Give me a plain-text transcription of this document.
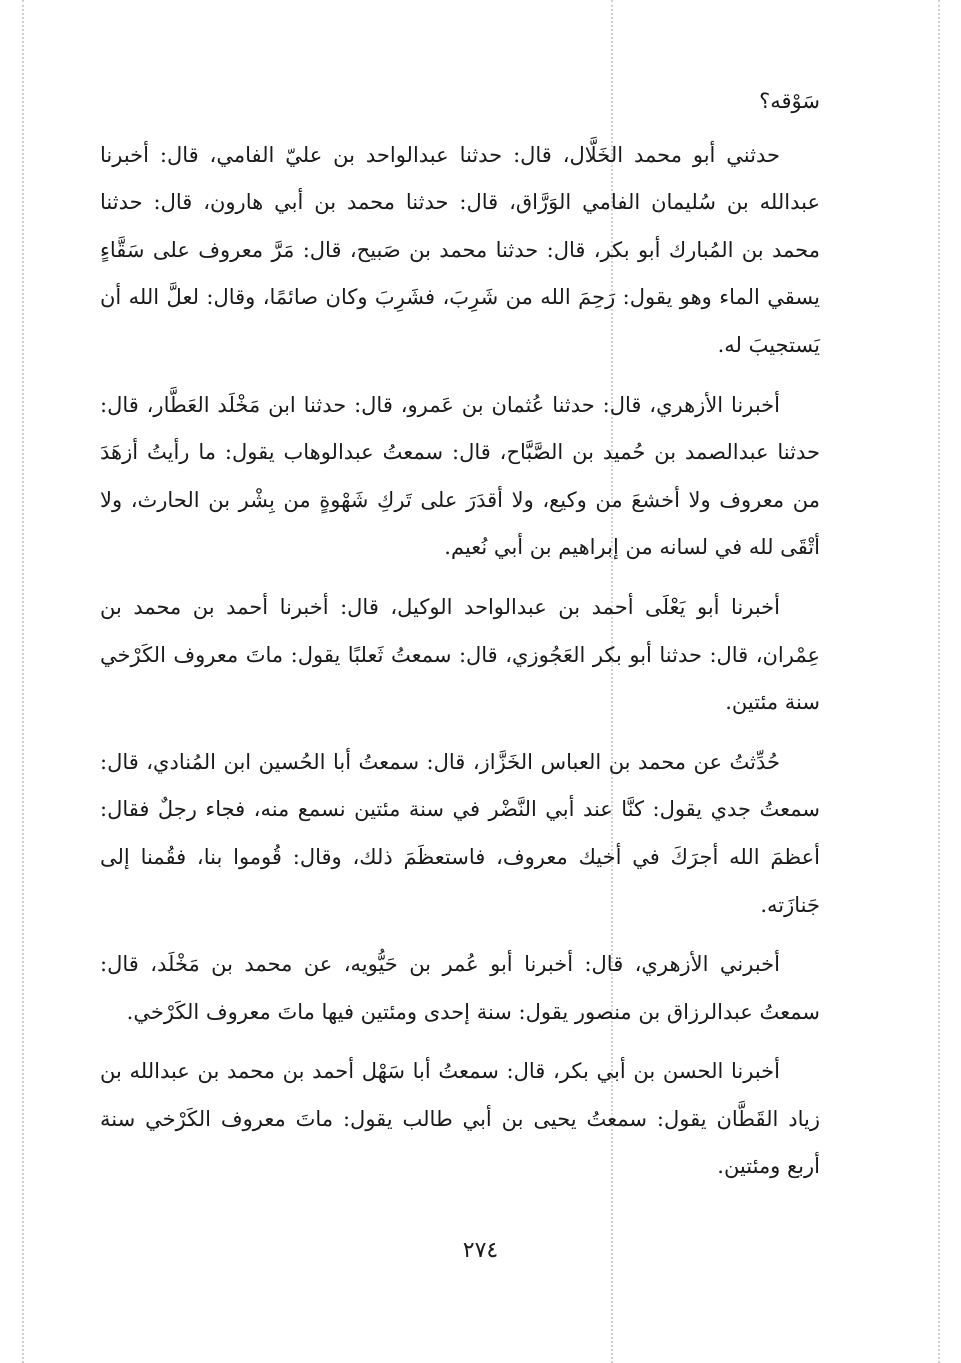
سَوْقه؟

حدثني أبو محمد الخَلَّال، قال: حدثنا عبدالواحد بن عليّ الفامي، قال: أخبرنا عبدالله بن سُليمان الفامي الوَرَّاق، قال: حدثنا محمد بن أبي هارون، قال: حدثنا محمد بن المُبارك أبو بكر، قال: حدثنا محمد بن صَبيح، قال: مَرَّ معروف على سَقَّاءٍ يسقي الماء وهو يقول: رَحِمَ الله من شَرِبَ، فشَرِبَ وكان صائمًا، وقال: لعلَّ الله أن يَستجيبَ له.

أخبرنا الأزهري، قال: حدثنا عُثمان بن عَمرو، قال: حدثنا ابن مَخْلَد العَطَّار، قال: حدثنا عبدالصمد بن حُميد بن الصَّبَّاح، قال: سمعتُ عبدالوهاب يقول: ما رأيتُ أزهَدَ من معروف ولا أخشعَ من وكيع، ولا أقدَرَ على تَركِ شَهْوةٍ من بِشْر بن الحارث، ولا أتْقَى لله في لسانه من إبراهيم بن أبي نُعيم.

أخبرنا أبو يَعْلَى أحمد بن عبدالواحد الوكيل، قال: أخبرنا أحمد بن محمد بن عِمْران، قال: حدثنا أبو بكر العَجُوزي، قال: سمعتُ ثَعلبًا يقول: ماتَ معروف الكَرْخي سنة مئتين.

حُدِّثتُ عن محمد بن العباس الخَزَّاز، قال: سمعتُ أبا الحُسين ابن المُنادي، قال: سمعتُ جدي يقول: كنَّا عند أبي النَّضْر في سنة مئتين نسمع منه، فجاء رجلٌ فقال: أعظمَ الله أجرَكَ في أخيك معروف، فاستعظَمَ ذلك، وقال: قُوموا بنا، فقُمنا إلى جَنازَته.

أخبرني الأزهري، قال: أخبرنا أبو عُمر بن حَيُّويه، عن محمد بن مَخْلَد، قال: سمعتُ عبدالرزاق بن منصور يقول: سنة إحدى ومئتين فيها ماتَ معروف الكَرْخي.

أخبرنا الحسن بن أبي بكر، قال: سمعتُ أبا سَهْل أحمد بن محمد بن عبدالله بن زياد القَطَّان يقول: سمعتُ يحيى بن أبي طالب يقول: ماتَ معروف الكَرْخي سنة أربع ومئتين.

٢٧٤
